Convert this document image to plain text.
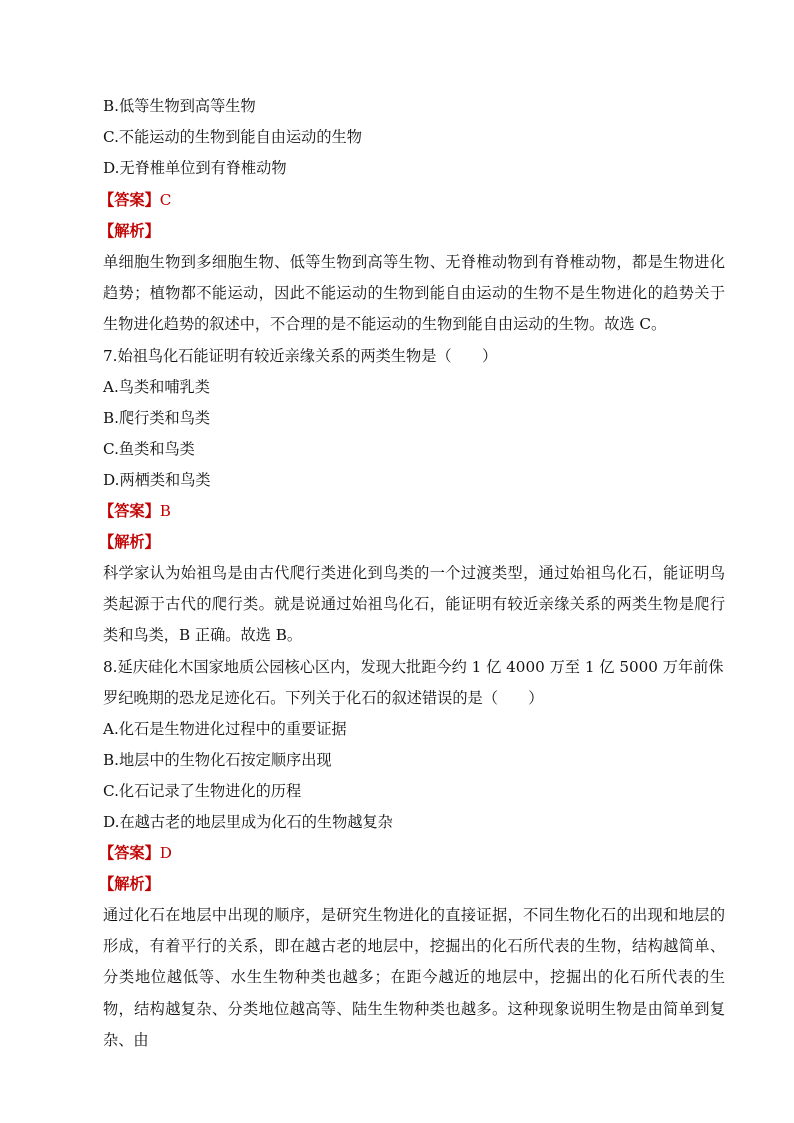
B.低等生物到高等生物
C.不能运动的生物到能自由运动的生物
D.无脊椎单位到有脊椎动物
【答案】C
【解析】
单细胞生物到多细胞生物、低等生物到高等生物、无脊椎动物到有脊椎动物，都是生物进化趋势；植物都不能运动，因此不能运动的生物到能自由运动的生物不是生物进化的趋势关于生物进化趋势的叙述中，不合理的是不能运动的生物到能自由运动的生物。故选 C。
7.始祖鸟化石能证明有较近亲缘关系的两类生物是（　　）
A.鸟类和哺乳类
B.爬行类和鸟类
C.鱼类和鸟类
D.两栖类和鸟类
【答案】B
【解析】
科学家认为始祖鸟是由古代爬行类进化到鸟类的一个过渡类型，通过始祖鸟化石，能证明鸟类起源于古代的爬行类。就是说通过始祖鸟化石，能证明有较近亲缘关系的两类生物是爬行类和鸟类，B 正确。故选 B。
8.延庆硅化木国家地质公园核心区内，发现大批距今约 1 亿 4000 万至 1 亿 5000 万年前侏
罗纪晚期的恐龙足迹化石。下列关于化石的叙述错误的是（　　）
A.化石是生物进化过程中的重要证据
B.地层中的生物化石按定顺序出现
C.化石记录了生物进化的历程
D.在越古老的地层里成为化石的生物越复杂
【答案】D
【解析】
通过化石在地层中出现的顺序，是研究生物进化的直接证据，不同生物化石的出现和地层的形成，有着平行的关系，即在越古老的地层中，挖掘出的化石所代表的生物，结构越简单、分类地位越低等、水生生物种类也越多；在距今越近的地层中，挖掘出的化石所代表的生物，结构越复杂、分类地位越高等、陆生生物种类也越多。这种现象说明生物是由简单到复杂、由
